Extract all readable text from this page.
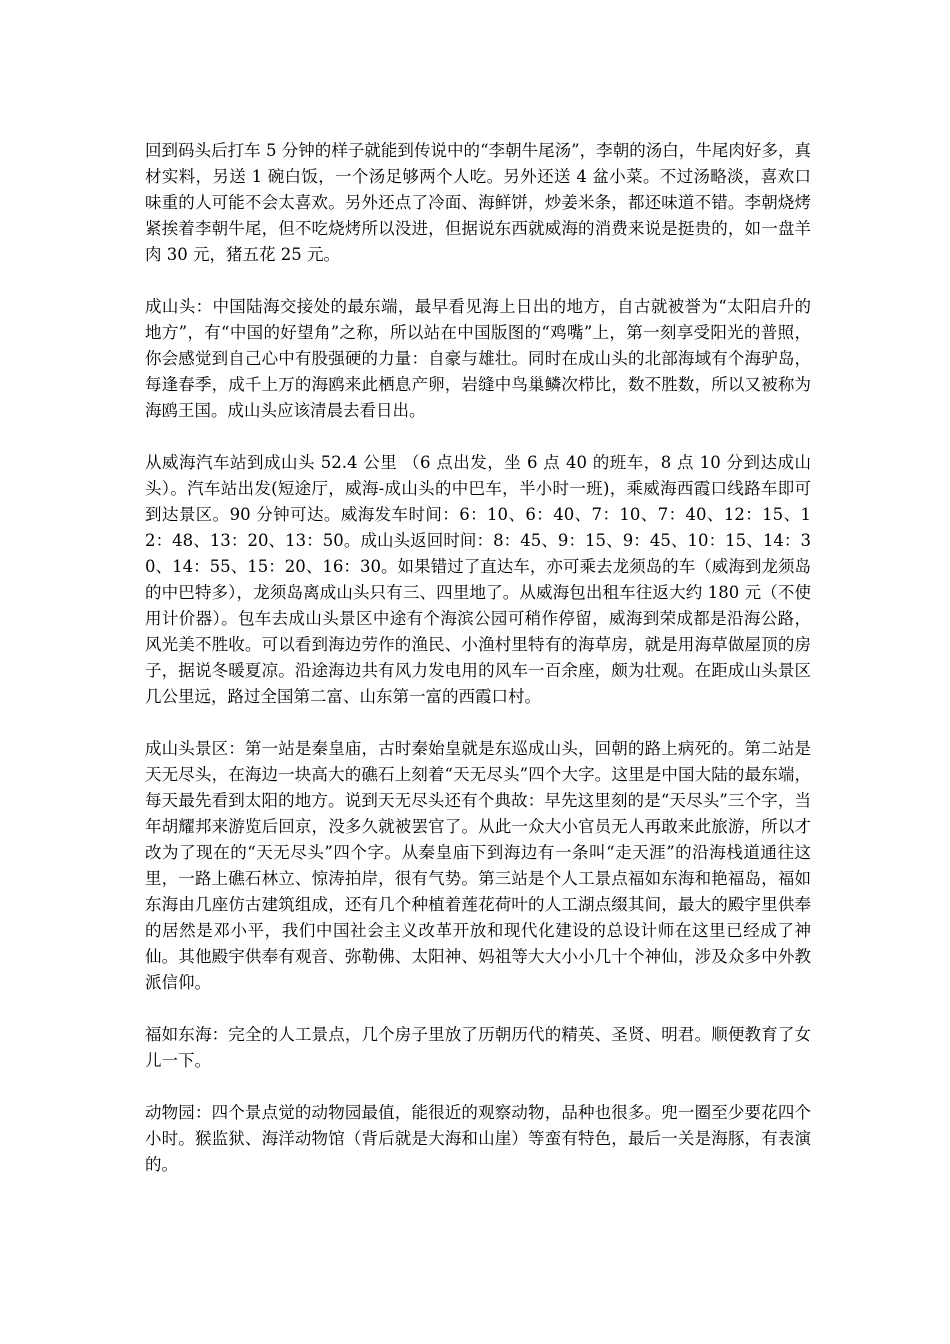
回到码头后打车 5 分钟的样子就能到传说中的“李朝牛尾汤”，李朝的汤白，牛尾肉好多，真材实料，另送 1 碗白饭，一个汤足够两个人吃。另外还送 4 盆小菜。不过汤略淡，喜欢口味重的人可能不会太喜欢。另外还点了冷面、海鲜饼，炒姜米条，都还味道不错。李朝烧烤紧挨着李朝牛尾，但不吃烧烤所以没进，但据说东西就威海的消费来说是挺贵的，如一盘羊肉 30 元，猪五花 25 元。

成山头：中国陆海交接处的最东端，最早看见海上日出的地方，自古就被誉为“太阳启升的地方”，有“中国的好望角”之称，所以站在中国版图的“鸡嘴”上，第一刻享受阳光的普照，你会感觉到自己心中有股强硬的力量：自豪与雄壮。同时在成山头的北部海域有个海驴岛，每逢春季，成千上万的海鸥来此栖息产卵，岩缝中鸟巢鳞次栉比，数不胜数，所以又被称为海鸥王国。成山头应该清晨去看日出。

从威海汽车站到成山头 52.4 公里 （6 点出发，坐 6 点 40 的班车，8 点 10 分到达成山头）。汽车站出发(短途厅，威海-成山头的中巴车，半小时一班)，乘威海西霞口线路车即可到达景区。90 分钟可达。威海发车时间：6：10、6：40、7：10、7：40、12：15、12：48、13：20、13：50。成山头返回时间：8：45、9：15、9：45、10：15、14：30、14：55、15：20、16：30。如果错过了直达车，亦可乘去龙须岛的车（威海到龙须岛的中巴特多），龙须岛离成山头只有三、四里地了。从威海包出租车往返大约 180 元（不使用计价器）。包车去成山头景区中途有个海滨公园可稍作停留，威海到荣成都是沿海公路，风光美不胜收。可以看到海边劳作的渔民、小渔村里特有的海草房，就是用海草做屋顶的房子，据说冬暖夏凉。沿途海边共有风力发电用的风车一百余座，颇为壮观。在距成山头景区几公里远，路过全国第二富、山东第一富的西霞口村。

成山头景区：第一站是秦皇庙，古时秦始皇就是东巡成山头，回朝的路上病死的。第二站是天无尽头，在海边一块高大的礁石上刻着“天无尽头”四个大字。这里是中国大陆的最东端，每天最先看到太阳的地方。说到天无尽头还有个典故：早先这里刻的是“天尽头”三个字，当年胡耀邦来游览后回京，没多久就被罢官了。从此一众大小官员无人再敢来此旅游，所以才改为了现在的“天无尽头”四个字。从秦皇庙下到海边有一条叫“走天涯”的沿海栈道通往这里，一路上礁石林立、惊涛拍岸，很有气势。第三站是个人工景点福如东海和艳福岛，福如东海由几座仿古建筑组成，还有几个种植着莲花荷叶的人工湖点缀其间，最大的殿宇里供奉的居然是邓小平，我们中国社会主义改革开放和现代化建设的总设计师在这里已经成了神仙。其他殿宇供奉有观音、弥勒佛、太阳神、妈祖等大大小小几十个神仙，涉及众多中外教派信仰。

福如东海：完全的人工景点，几个房子里放了历朝历代的精英、圣贤、明君。顺便教育了女儿一下。

动物园：四个景点觉的动物园最值，能很近的观察动物，品种也很多。兜一圈至少要花四个小时。猴监狱、海洋动物馆（背后就是大海和山崖）等蛮有特色，最后一关是海豚，有表演的。
